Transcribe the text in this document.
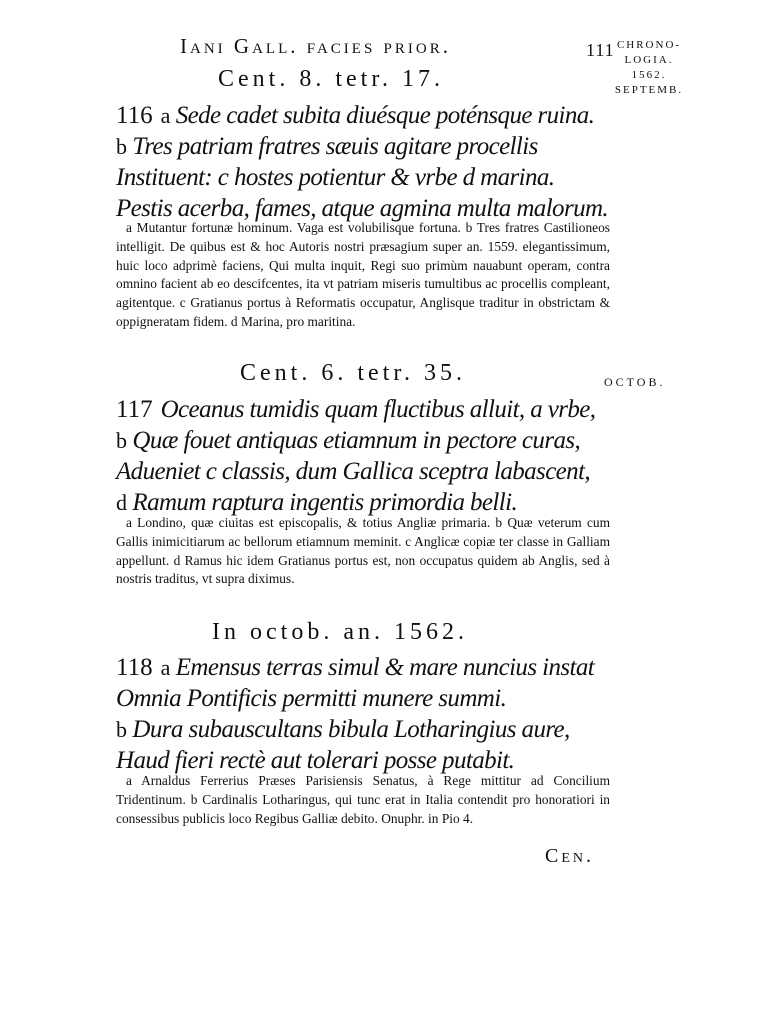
Iani Gall. facies prior.	111 CHRONO-
LOGIA.
1562.
SEPTEMB.
OCTOB.
Cent. 8. tetr. 17.
116 a Sede cadet subita diuésque poténsque ruina.
b Tres patriam fratres sæuis agitare procellis
Instituent: c hostes potientur & vrbe d marina.
Pestis acerba, fames, atque agmina multa malorum.
a Mutantur fortunæ hominum. Vaga est volubilisque fortuna. b Tres fratres Castilioneos intelligit. De quibus est & hoc Autoris nostri præsagium super an. 1559. elegantissimum, huic loco adprimè faciens, Qui multa inquit, Regi suo primùm nauabunt operam, contra omnino facient ab eo descifcentes, ita vt patriam miseris tumultibus ac procellis compleant, agitentque. c Gratianus portus à Reformatis occupatur, Anglisque traditur in obstrictam & oppigneratam fidem. d Marina, pro maritina.
Cent. 6. tetr. 35.
117 Oceanus tumidis quam fluctibus alluit, a vrbe,
b Quæ fouet antiquas etiamnum in pectore curas,
Adueniet c classis, dum Gallica sceptra labascent,
d Ramum raptura ingentis primordia belli.
a Londino, quæ ciuitas est episcopalis, & totius Angliæ primaria. b Quæ veterum cum Gallis inimicitiarum ac bellorum etiamnum meminit. c Anglicæ copiæ ter classe in Galliam appellunt. d Ramus hic idem Gratianus portus est, non occupatus quidem ab Anglis, sed à nostris traditus, vt supra diximus.
In octob. an. 1562.
118 a Emensus terras simul & mare nuncius instat
Omnia Pontificis permitti munere summi.
b Dura subauscultans bibula Lotharingius aure,
Haud fieri rectè aut tolerari posse putabit.
a Arnaldus Ferrerius Præses Parisiensis Senatus, à Rege mittitur ad Concilium Tridentinum. b Cardinalis Lotharingus, qui tunc erat in Italia contendit pro honoratiori in consessibus publicis loco Regibus Galliæ debito. Onuphr. in Pio 4.
Cen.
